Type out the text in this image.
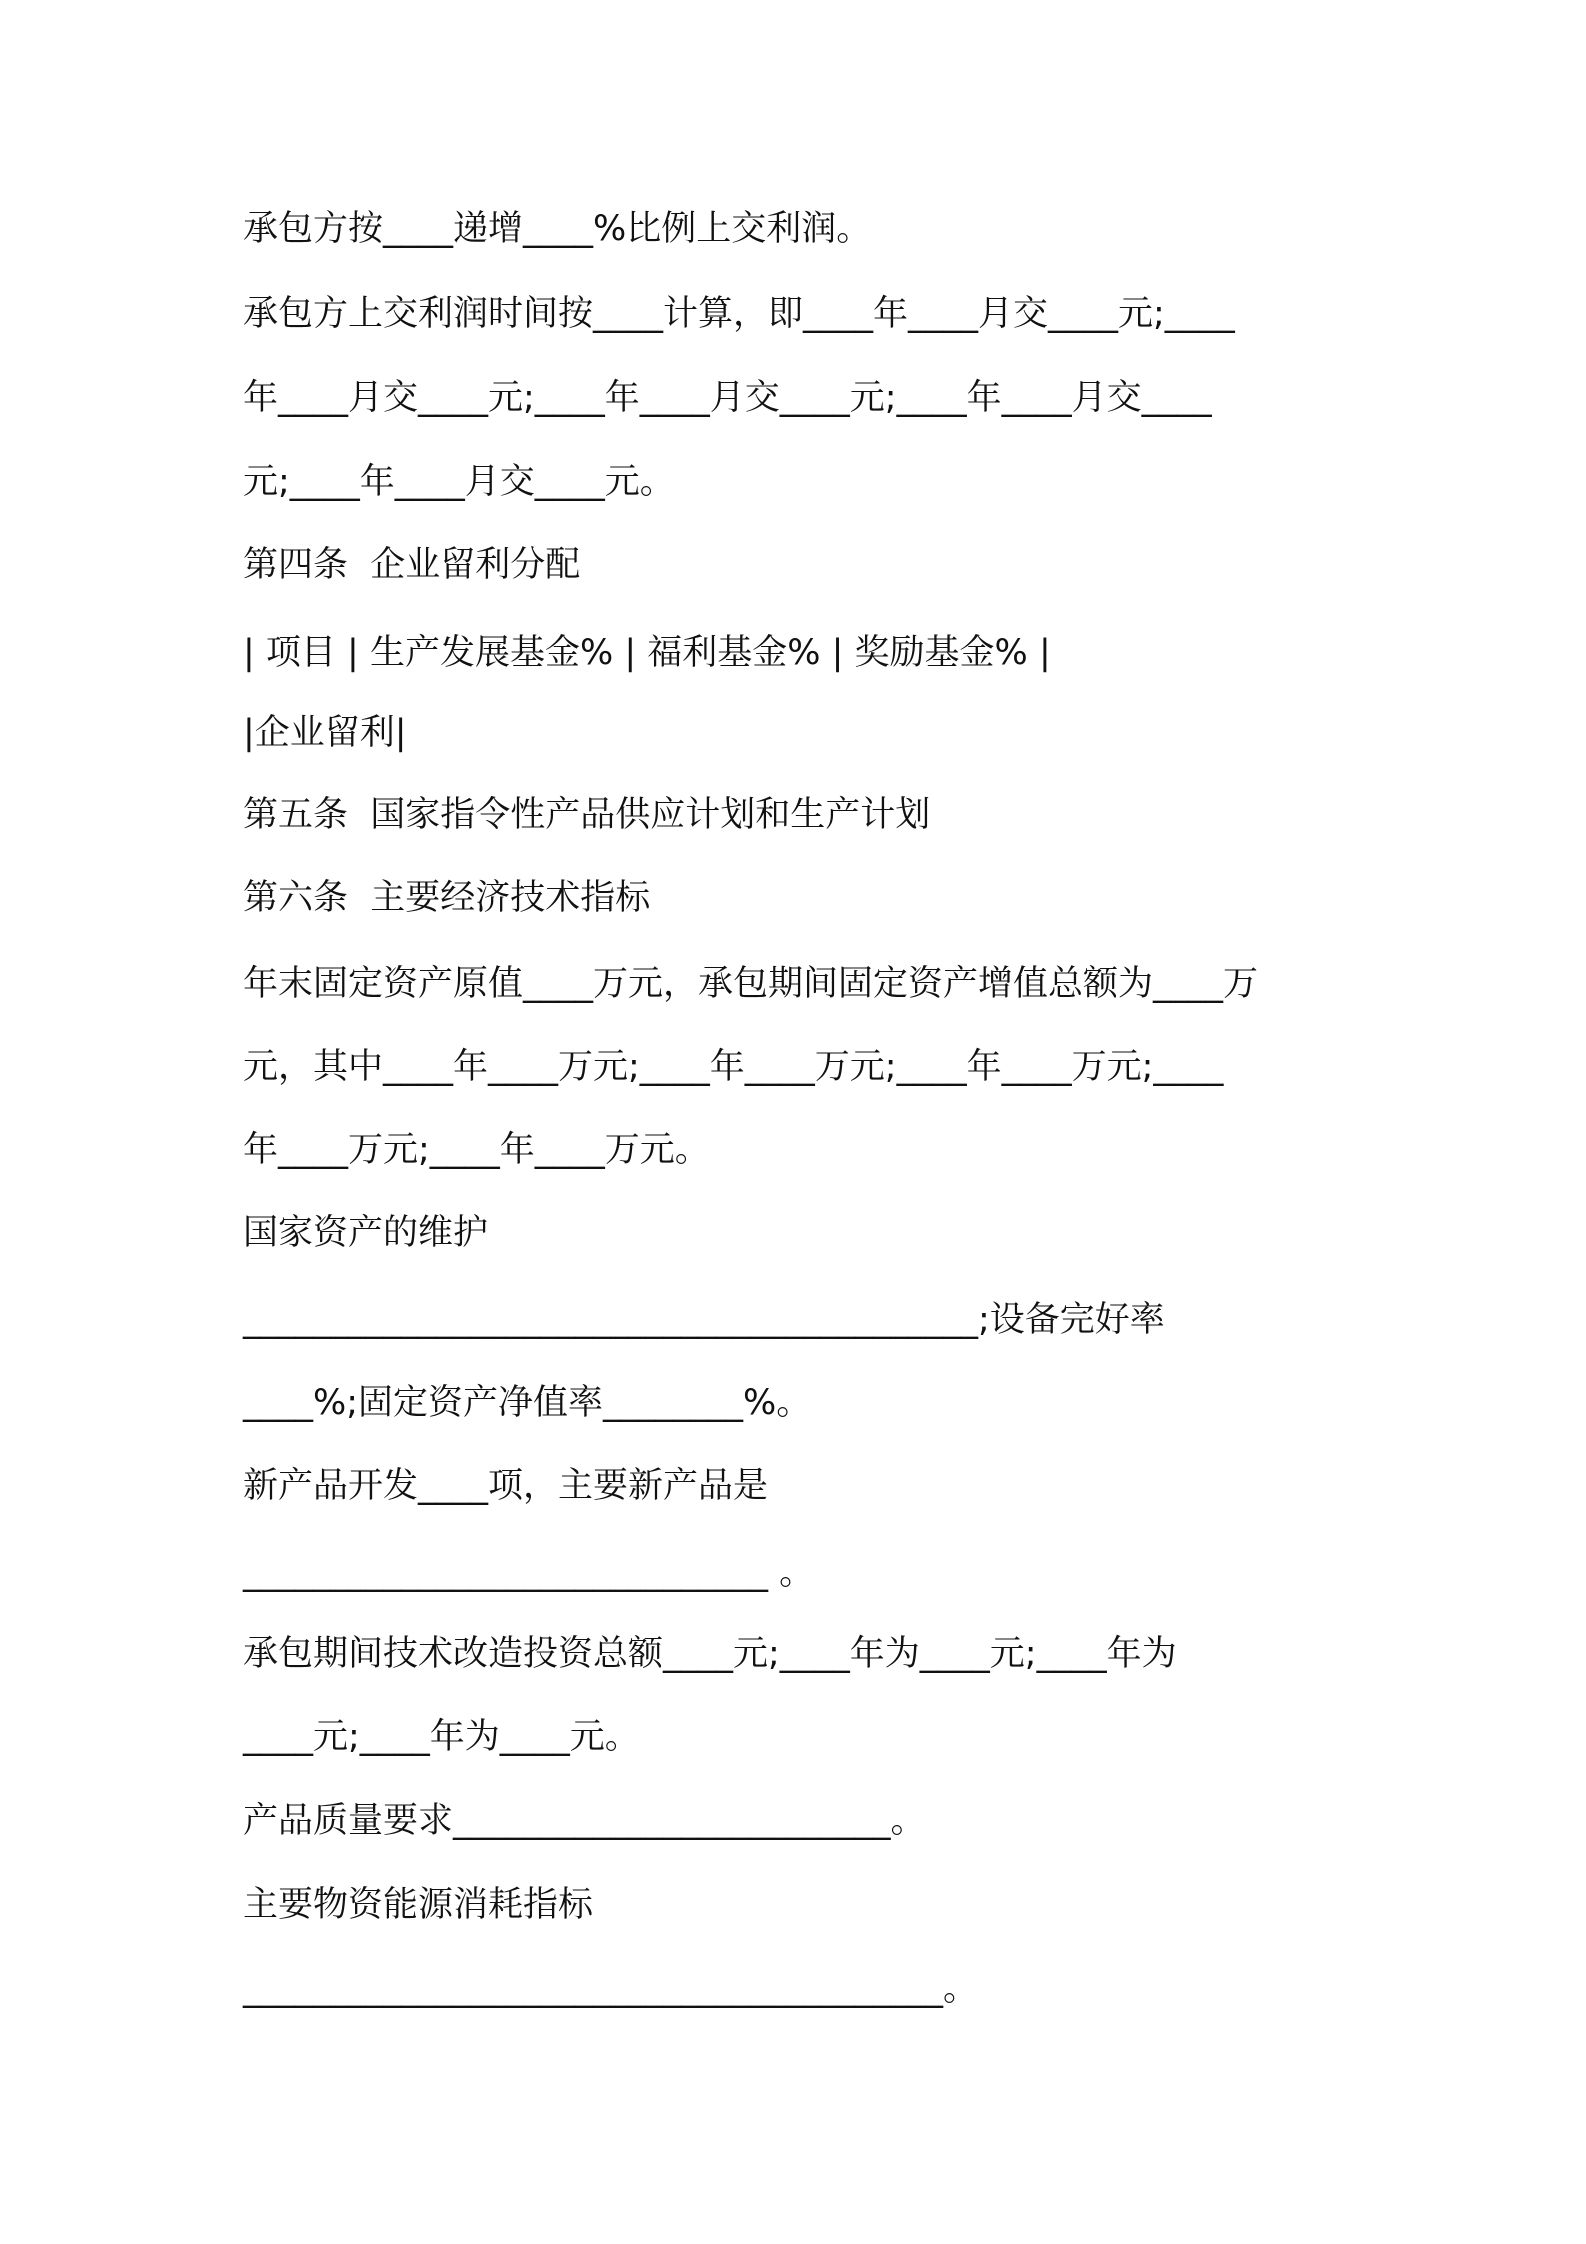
承包方按____递增____%比例上交利润。
承包方上交利润时间按____计算，即____年____月交____元;____
年____月交____元;____年____月交____元;____年____月交____
元;____年____月交____元。
第四条  企业留利分配
| 项目 | 生产发展基金% | 福利基金% | 奖励基金% |
|企业留利|
第五条  国家指令性产品供应计划和生产计划
第六条  主要经济技术指标
年末固定资产原值____万元，承包期间固定资产增值总额为____万
元，其中____年____万元;____年____万元;____年____万元;____
年____万元;____年____万元。
国家资产的维护
__________________________________________;设备完好率
____%;固定资产净值率________%。
新产品开发____项，主要新产品是
______________________________ 。
承包期间技术改造投资总额____元;____年为____元;____年为
____元;____年为____元。
产品质量要求_________________________。
主要物资能源消耗指标
________________________________________。
